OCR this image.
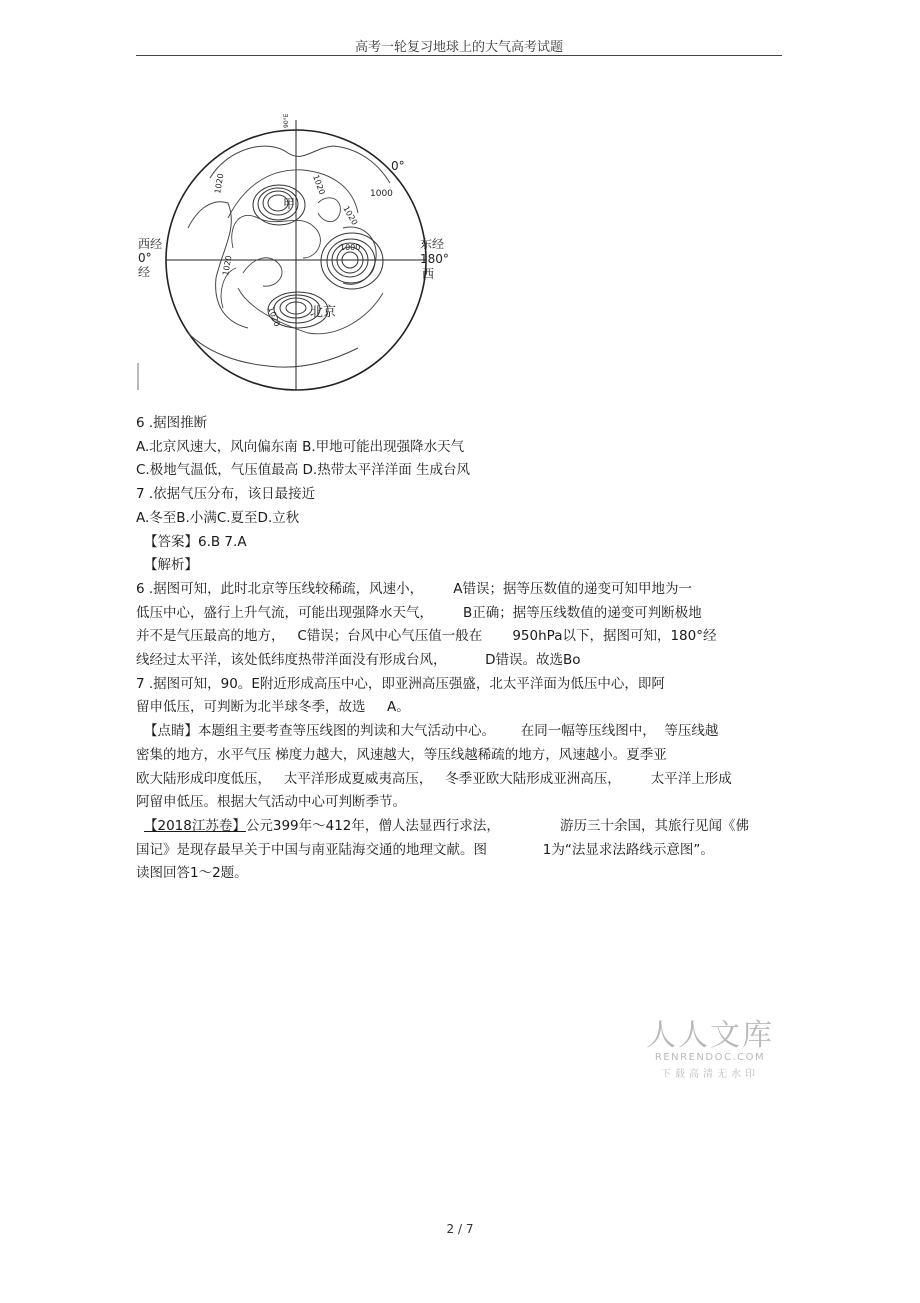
高考一轮复习地球上的大气高考试题
90°E
西经
0°
经
东经
180°
西
0°
甲
北京
1000
1000
1020
1020
1020
1020
1020
6 .据图推断
A.北京风速大，风向偏东南 B.甲地可能出现强降水天气
C.极地气温低，气压值最高 D.热带太平洋洋面 生成台风
7 .依据气压分布，该日最接近
A.冬至B.小满C.夏至D.立秋
【答案】6.B 7.A
【解析】
6 .据图可知，此时北京等压线较稀疏，风速小，       A错误；据等压数值的递变可知甲地为一
低压中心，盛行上升气流，可能出现强降水天气，       B正确；据等压线数值的递变可判断极地
并不是气压最高的地方，   C错误；台风中心气压值一般在       950hPa以下，据图可知，180°经
线经过太平洋，该处低纬度热带洋面没有形成台风，         D错误。故选Bo
7 .据图可知，90。E附近形成高压中心，即亚洲高压强盛，北太平洋面为低压中心，即阿
留申低压，可判断为北半球冬季，故选     A。
【点睛】本题组主要考查等压线图的判读和大气活动中心。      在同一幅等压线图中，  等压线越
密集的地方，水平气压 梯度力越大，风速越大，等压线越稀疏的地方，风速越小。夏季亚
欧大陆形成印度低压，   太平洋形成夏威夷高压，   冬季亚欧大陆形成亚洲高压，       太平洋上形成
阿留申低压。根据大气活动中心可判断季节。
【2018江苏卷】公元399年～412年，僧人法显西行求法，              游历三十余国，其旅行见闻《佛
国记》是现存最早关于中国与南亚陆海交通的地理文献。图             1为“法显求法路线示意图”。
读图回答1～2题。
人人文库
RENRENDOC.COM
下载高清无水印
2 / 7
